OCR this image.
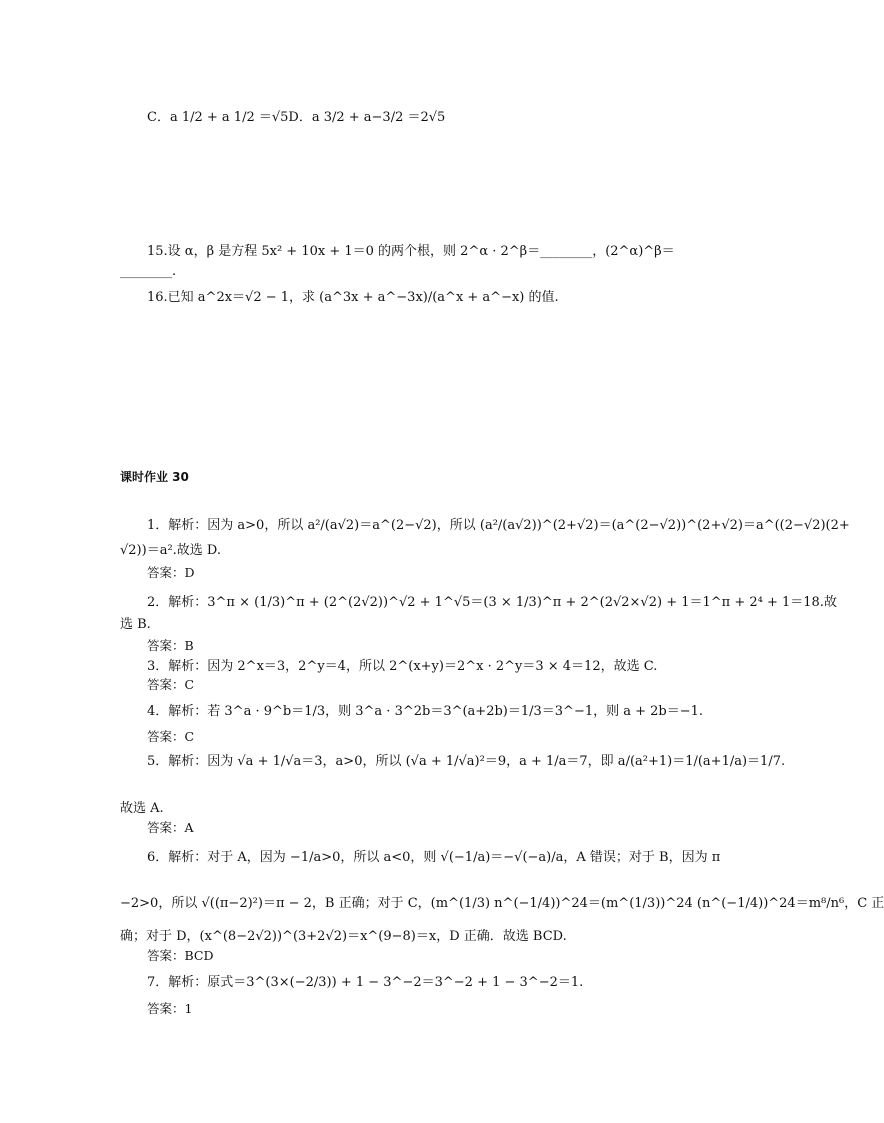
C．a 1/2 + a 1/2 ＝√5D．a 3/2 + a−3/2 ＝2√5
15.设 α，β 是方程 5x² + 10x + 1＝0 的两个根，则 2^α · 2^β＝________，(2^α)^β＝
________.
16.已知 a^2x＝√2 − 1，求 (a^3x + a^−3x)/(a^x + a^−x) 的值.
课时作业 30
1．解析：因为 a>0，所以 a²/(a√2)＝a^(2−√2)，所以 (a²/(a√2))^(2+√2)＝(a^(2−√2))^(2+√2)＝a^((2−√2)(2+
√2))＝a².故选 D.
答案：D
2．解析：3^π × (1/3)^π + (2^(2√2))^√2 + 1^√5＝(3 × 1/3)^π + 2^(2√2×√2) + 1＝1^π + 2⁴ + 1＝18.故
选 B.
答案：B
3．解析：因为 2^x＝3，2^y＝4，所以 2^(x+y)＝2^x · 2^y＝3 × 4＝12，故选 C.
答案：C
4．解析：若 3^a · 9^b＝1/3，则 3^a · 3^2b＝3^(a+2b)＝1/3＝3^−1，则 a + 2b＝−1.
答案：C
5．解析：因为 √a + 1/√a＝3，a>0，所以 (√a + 1/√a)²＝9，a + 1/a＝7，即 a/(a²+1)＝1/(a+1/a)＝1/7.
故选 A.
答案：A
6．解析：对于 A，因为 −1/a>0，所以 a<0，则 √(−1/a)＝−√(−a)/a，A 错误；对于 B，因为 π
−2>0，所以 √((π−2)²)＝π − 2，B 正确；对于 C，(m^(1/3) n^(−1/4))^24＝(m^(1/3))^24 (n^(−1/4))^24＝m⁸/n⁶，C 正
确；对于 D，(x^(8−2√2))^(3+2√2)＝x^(9−8)＝x，D 正确．故选 BCD.
答案：BCD
7．解析：原式＝3^(3×(−2/3)) + 1 − 3^−2＝3^−2 + 1 − 3^−2＝1.
答案：1
